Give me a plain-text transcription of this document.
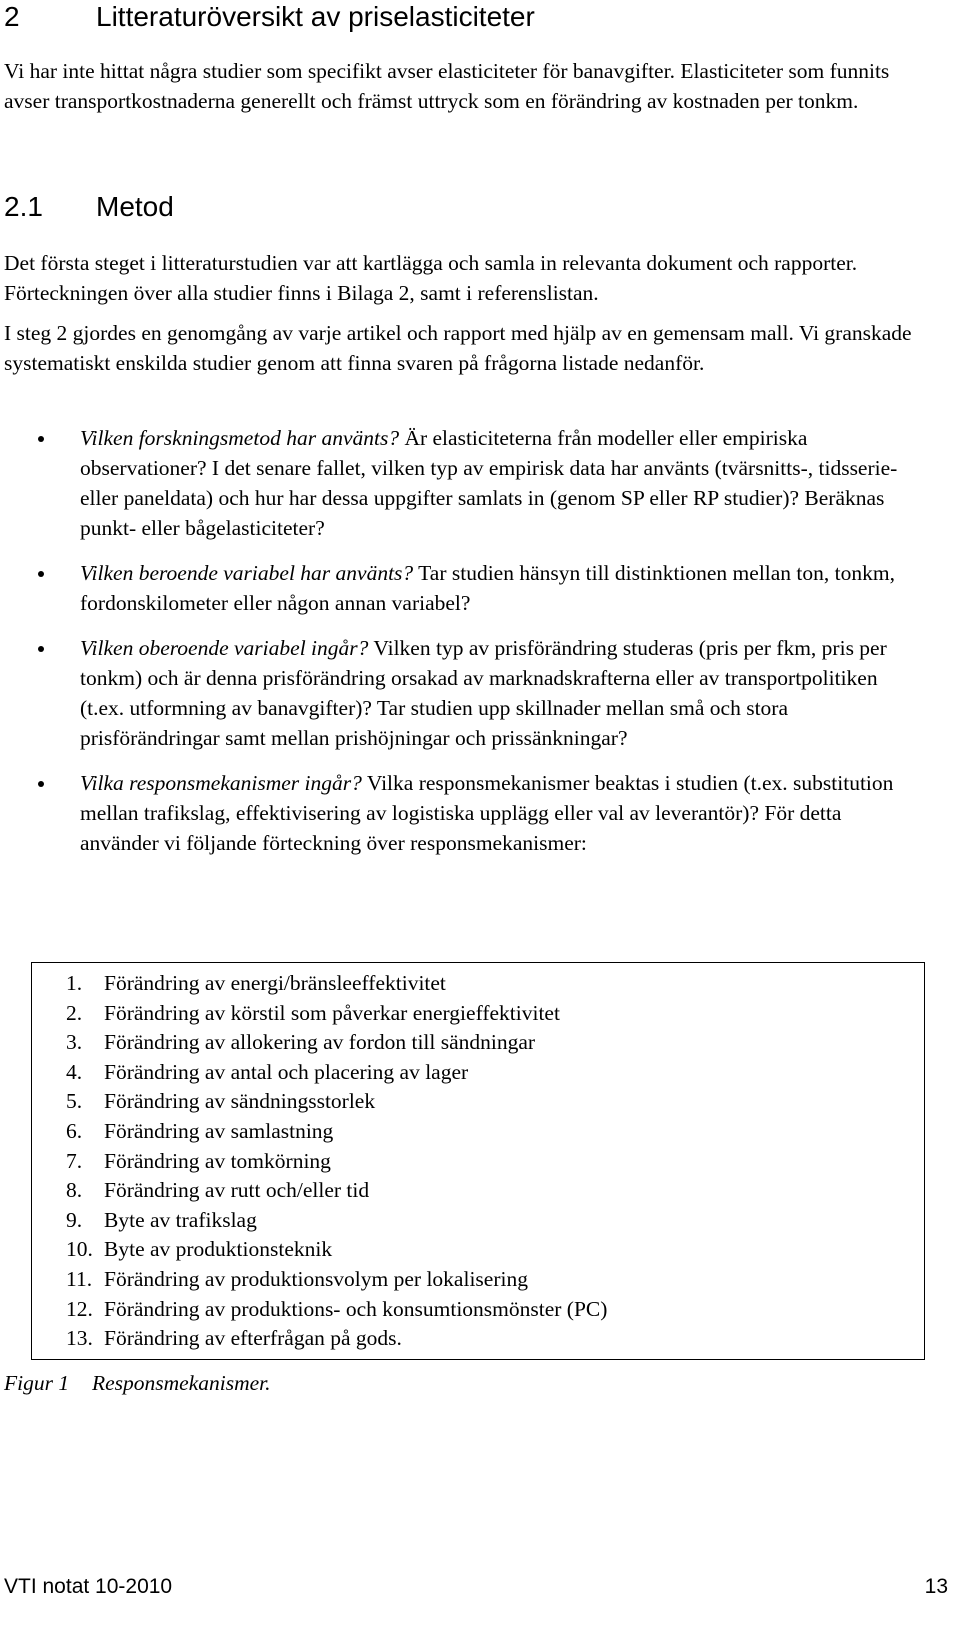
2	Litteraturöversikt av priselasticiteter

Vi har inte hittat några studier som specifikt avser elasticiteter för banavgifter. Elasticiteter som funnits avser transportkostnaderna generellt och främst uttryck som en förändring av kostnaden per tonkm.

2.1 Metod

Det första steget i litteraturstudien var att kartlägga och samla in relevanta dokument och rapporter. Förteckningen över alla studier finns i Bilaga 2, samt i referenslistan.

I steg 2 gjordes en genomgång av varje artikel och rapport med hjälp av en gemensam mall. Vi granskade systematiskt enskilda studier genom att finna svaren på frågorna listade nedanför.

Vilken forskningsmetod har använts? Är elasticiteterna från modeller eller empiriska observationer? I det senare fallet, vilken typ av empirisk data har använts (tvärsnitts-, tidsserie- eller paneldata) och hur har dessa uppgifter samlats in (genom SP eller RP studier)? Beräknas punkt- eller bågelasticiteter?
Vilken beroende variabel har använts? Tar studien hänsyn till distinktionen mellan ton, tonkm, fordonskilometer eller någon annan variabel?
Vilken oberoende variabel ingår? Vilken typ av prisförändring studeras (pris per fkm, pris per tonkm) och är denna prisförändring orsakad av marknadskrafterna eller av transportpolitiken (t.ex. utformning av banavgifter)? Tar studien upp skillnader mellan små och stora prisförändringar samt mellan prishöjningar och prissänkningar?
Vilka responsmekanismer ingår? Vilka responsmekanismer beaktas i studien (t.ex. substitution mellan trafikslag, effektivisering av logistiska upplägg eller val av leverantör)? För detta använder vi följande förteckning över responsmekanismer:
1. Förändring av energi/bränsleeffektivitet
2. Förändring av körstil som påverkar energieffektivitet
3. Förändring av allokering av fordon till sändningar
4. Förändring av antal och placering av lager
5. Förändring av sändningsstorlek
6. Förändring av samlastning
7. Förändring av tomkörning
8. Förändring av rutt och/eller tid
9. Byte av trafikslag
10. Byte av produktionsteknik
11. Förändring av produktionsvolym per lokalisering
12. Förändring av produktions- och konsumtionsmönster (PC)
13. Förändring av efterfrågan på gods.
Figur 1 Responsmekanismer.
VTI notat 10-2010	13
